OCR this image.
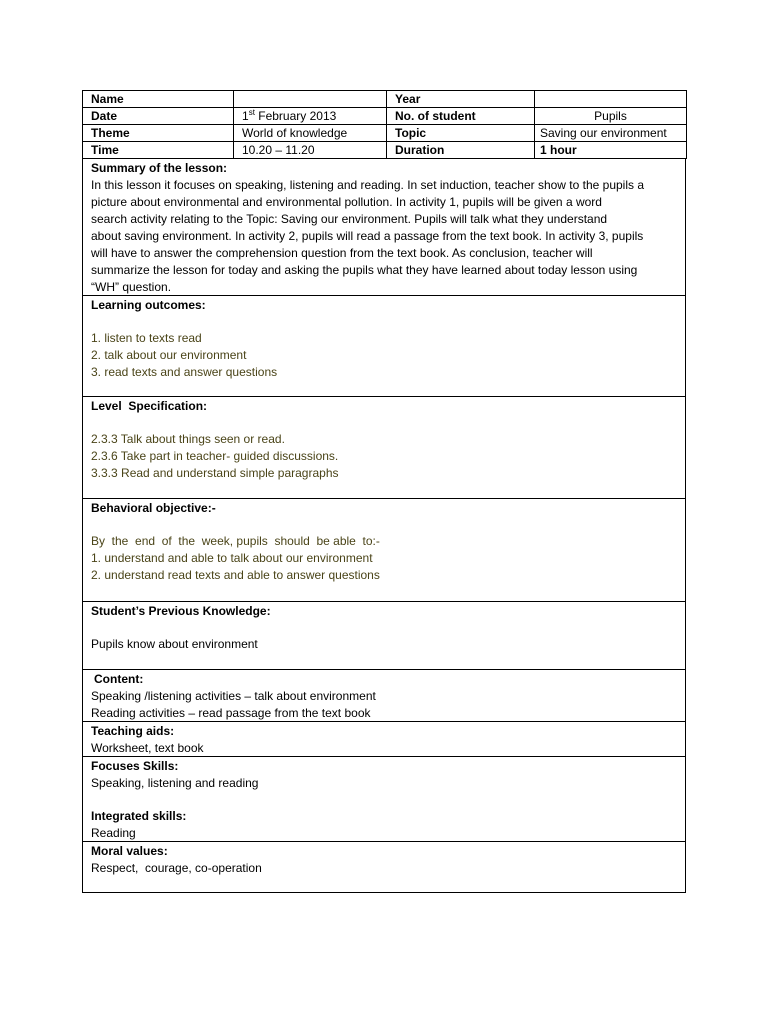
Name		Year	
Date	1st February 2013	No. of student	Pupils
Theme	World of knowledge	Topic	Saving our environment
Time	10.20 – 11.20	Duration	1 hour
Summary of the lesson:
In this lesson it focuses on speaking, listening and reading. In set induction, teacher show to the pupils a
picture about environmental and environmental pollution. In activity 1, pupils will be given a word
search activity relating to the Topic: Saving our environment. Pupils will talk what they understand
about saving environment. In activity 2, pupils will read a passage from the text book. In activity 3, pupils
will have to answer the comprehension question from the text book. As conclusion, teacher will
summarize the lesson for today and asking the pupils what they have learned about today lesson using
“WH” question.
Learning outcomes:
1. listen to texts read
2. talk about our environment
3. read texts and answer questions
Level  Specification:
2.3.3 Talk about things seen or read.
2.3.6 Take part in teacher- guided discussions.
3.3.3 Read and understand simple paragraphs
Behavioral objective:-
By  the  end  of  the  week, pupils  should  be able  to:-
1. understand and able to talk about our environment
2. understand read texts and able to answer questions
Student’s Previous Knowledge:
Pupils know about environment
Content:
Speaking /listening activities – talk about environment
Reading activities – read passage from the text book
Teaching aids:
Worksheet, text book
Focuses Skills:
Speaking, listening and reading
Integrated skills:
Reading
Moral values:
Respect,  courage, co-operation
